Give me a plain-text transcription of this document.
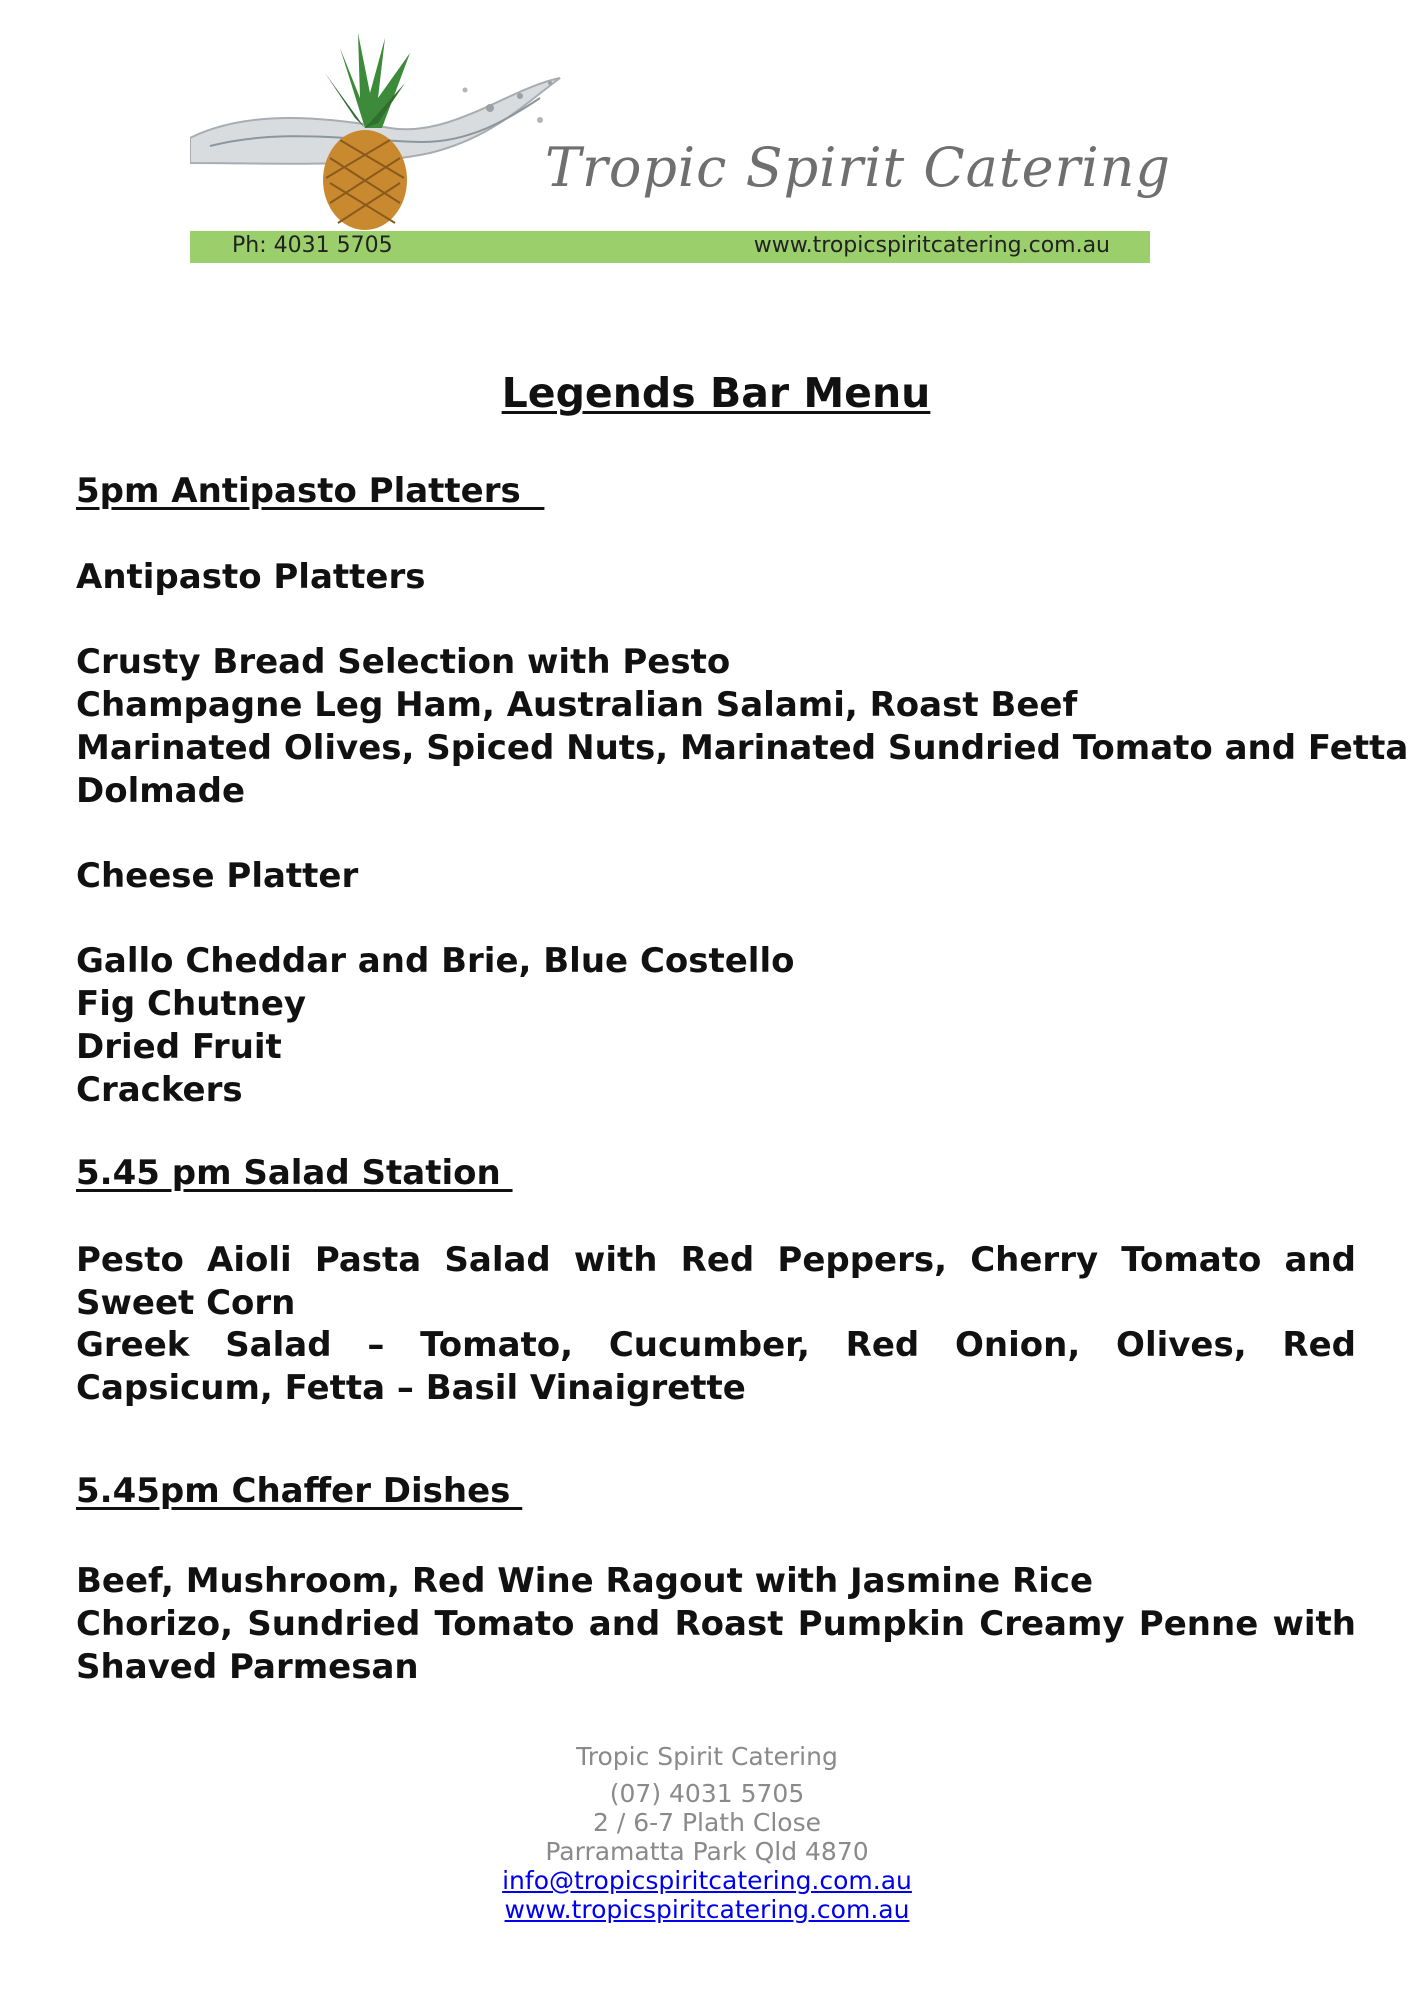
Tropic Spirit Catering
Ph: 4031 5705	www.tropicspiritcatering.com.au
Legends Bar Menu
5pm Antipasto Platters
Antipasto Platters
Crusty Bread Selection with Pesto
Champagne Leg Ham, Australian Salami, Roast Beef
Marinated Olives, Spiced Nuts, Marinated Sundried Tomato and Fetta
Dolmade
Cheese Platter
Gallo Cheddar and Brie, Blue Costello
Fig Chutney
Dried Fruit
Crackers
5.45 pm Salad Station
Pesto Aioli Pasta Salad with Red Peppers, Cherry Tomato and Sweet Corn
Greek Salad – Tomato, Cucumber, Red Onion, Olives, Red Capsicum, Fetta – Basil Vinaigrette
5.45pm Chaffer Dishes
Beef, Mushroom, Red Wine Ragout with Jasmine Rice
Chorizo, Sundried Tomato and Roast Pumpkin Creamy Penne with Shaved Parmesan
Tropic Spirit Catering
(07) 4031 5705
2 / 6-7 Plath Close
Parramatta Park Qld 4870
info@tropicspiritcatering.com.au
www.tropicspiritcatering.com.au
